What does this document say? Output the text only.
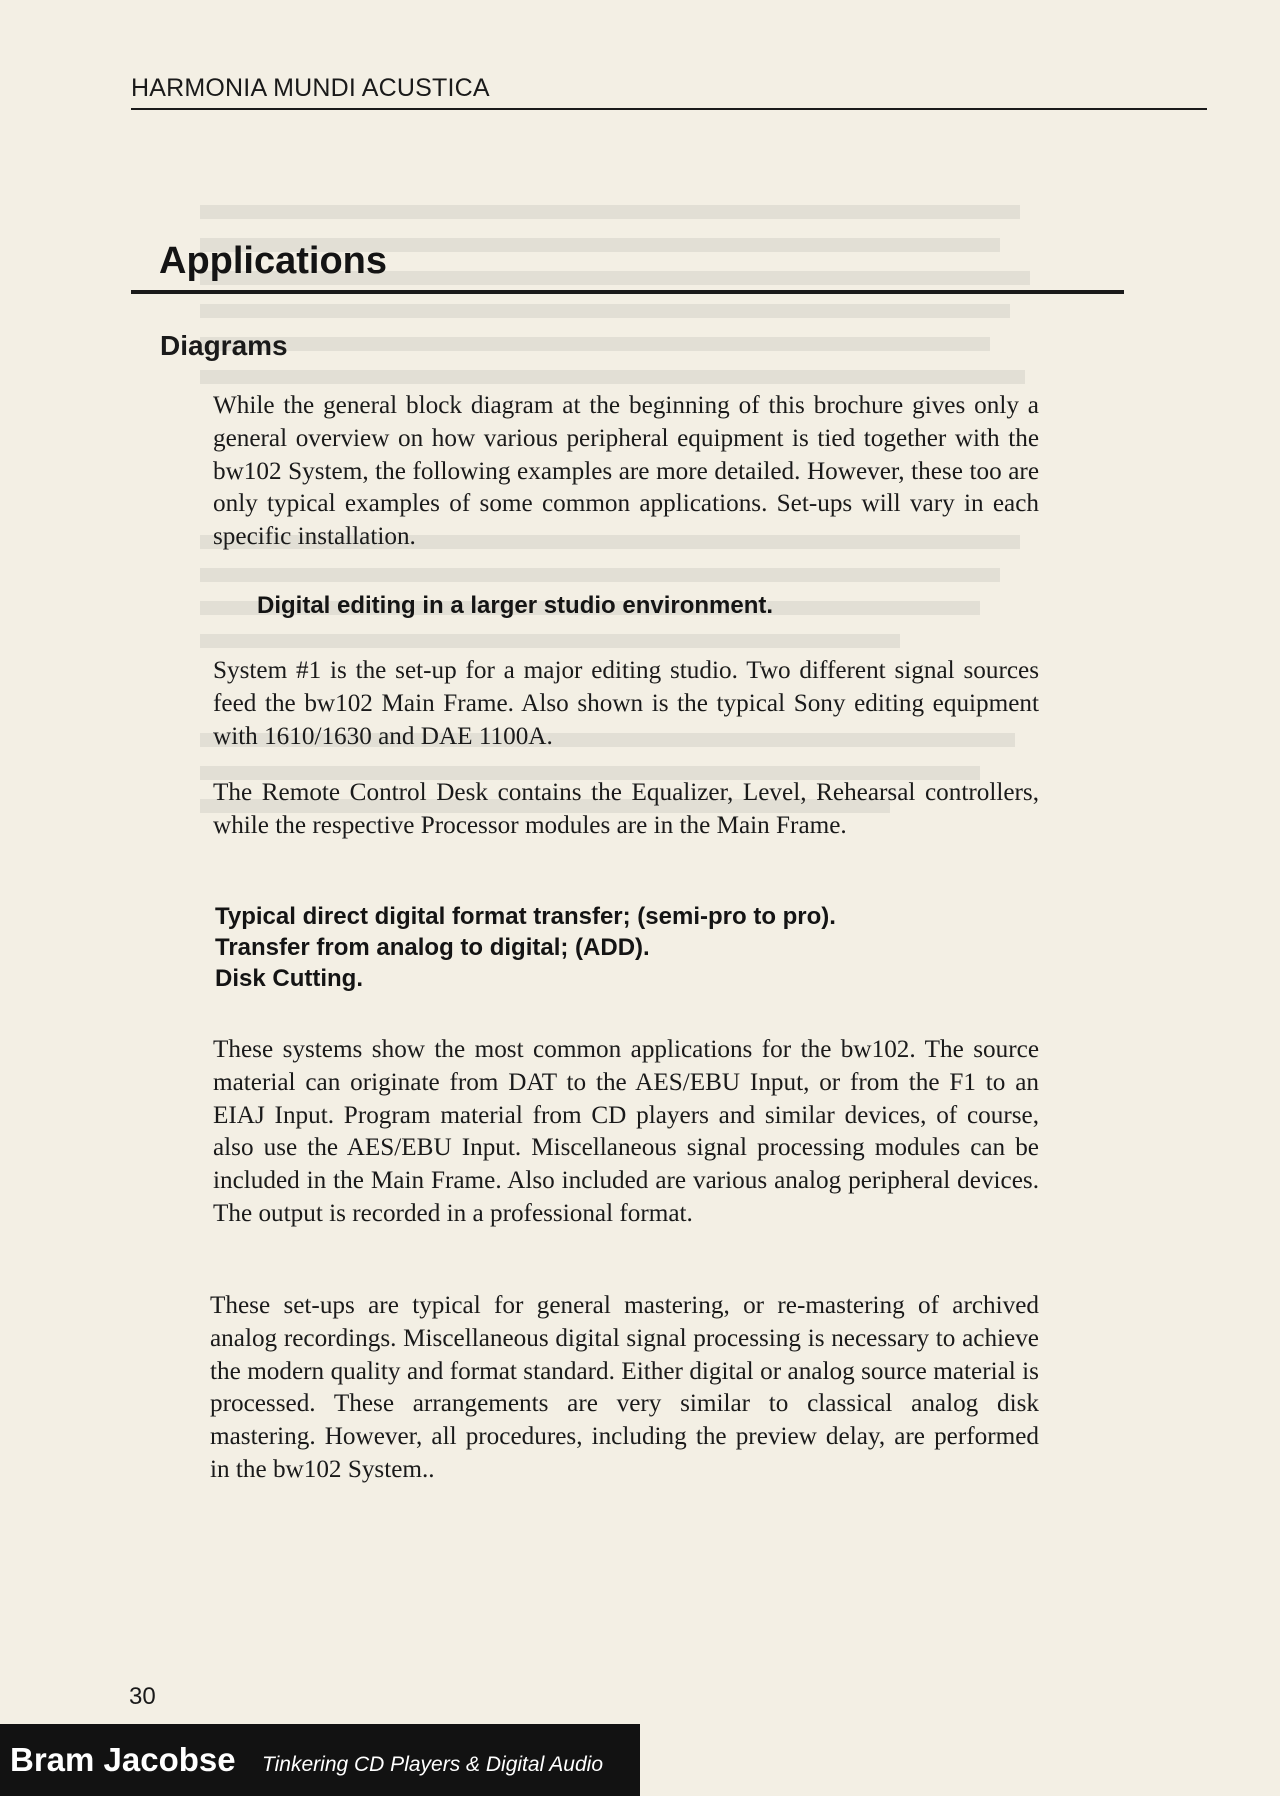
HARMONIA MUNDI ACUSTICA
Applications
Diagrams

While the general block diagram at the beginning of this brochure gives only a general overview on how various peripheral equipment is tied together with the bw102 System, the following examples are more detailed. However, these too are only typical examples of some common applications. Set-ups will vary in each specific installation.

Digital editing in a larger studio environment.

System #1 is the set-up for a major editing studio. Two different signal sources feed the bw102 Main Frame. Also shown is the typical Sony editing equipment with 1610/1630 and DAE 1100A.

The Remote Control Desk contains the Equalizer, Level, Rehearsal controllers, while the respective Processor modules are in the Main Frame.

Typical direct digital format transfer; (semi-pro to pro).
Transfer from analog to digital; (ADD).
Disk Cutting.

These systems show the most common applications for the bw102. The source material can originate from DAT to the AES/EBU Input, or from the F1 to an EIAJ Input. Program material from CD players and similar devices, of course, also use the AES/EBU Input. Miscellaneous signal processing modules can be included in the Main Frame. Also included are various analog peripheral devices. The output is recorded in a professional format.

These set-ups are typical for general mastering, or re-mastering of archived analog recordings. Miscellaneous digital signal processing is necessary to achieve the modern quality and format standard. Either digital or analog source material is processed. These arrangements are very similar to classical analog disk mastering. However, all procedures, including the preview delay, are performed in the bw102 System..

30
Bram Jacobse Tinkering CD Players & Digital Audio
